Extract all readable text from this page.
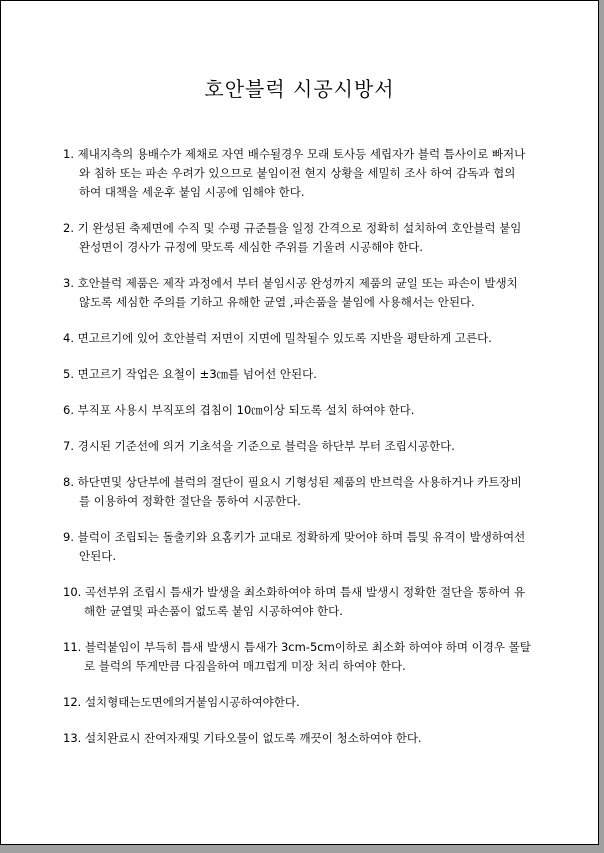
호안블럭 시공시방서
1. 제내지측의 용배수가 제채로 자연 배수될경우 모래 토사등 세립자가 블럭 틈사이로 빠저나
와 침하 또는 파손 우려가 있으므로 붙임이전 현지 상황을 세밀히 조사 하여 감독과 협의
하여 대책을 세운후 붙임 시공에 임해야 한다.
2. 기 완성된 축제면에 수직 및 수평 규준틀을 일정 간격으로 정확히 설치하여 호안블럭 붙임
완성면이 경사가 규정에 맞도록 세심한 주위를 기울려 시공해야 한다.
3. 호안블럭 제품은 제작 과정에서 부터 붙임시공 완성까지 제품의 균일 또는 파손이 발생치
않도록 세심한 주의를 기하고 유해한 균열 ,파손품을 붙임에 사용해서는 안된다.
4. 면고르기에 있어 호안블럭 저면이 지면에 밀착될수 있도록 지반을 평탄하게 고른다.
5. 면고르기 작업은 요철이 ±3㎝를 넘어선 안된다.
6. 부직포 사용시 부직포의 겹침이 10㎝이상 되도록 설치 하여야 한다.
7. 경시된 기준선에 의거 기초석을 기준으로 블럭을 하단부 부터 조립시공한다.
8. 하단면및 상단부에 블럭의 절단이 필요시 기형성된 제품의 반브럭을 사용하거나 카트장비
를 이용하여 정확한 절단을 통하여 시공한다.
9. 블럭이 조립되는 돌출키와 요홈키가 교대로 정확하게 맞어야 하며 틈및 유격이 발생하여선
안된다.
10. 곡선부위 조립시 틈새가 발생을 최소화하여야 하며 틈새 발생시 정확한 절단을 통하여 유
해한 균열및 파손품이 없도록 붙임 시공하여야 한다.
11. 블럭붙임이 부득히 틈새 발생시 틈새가 3cm-5cm이하로 최소화 하여야 하며 이경우 몰탈
로 블럭의 뚜게만큼 다짐을하여 매끄럽게 미장 처리 하여야 한다.
12. 설치형태는도면에의거붙임시공하여야한다.
13. 설치완료시 잔여자재및 기타오물이 없도록 깨끗이 청소하여야 한다.
